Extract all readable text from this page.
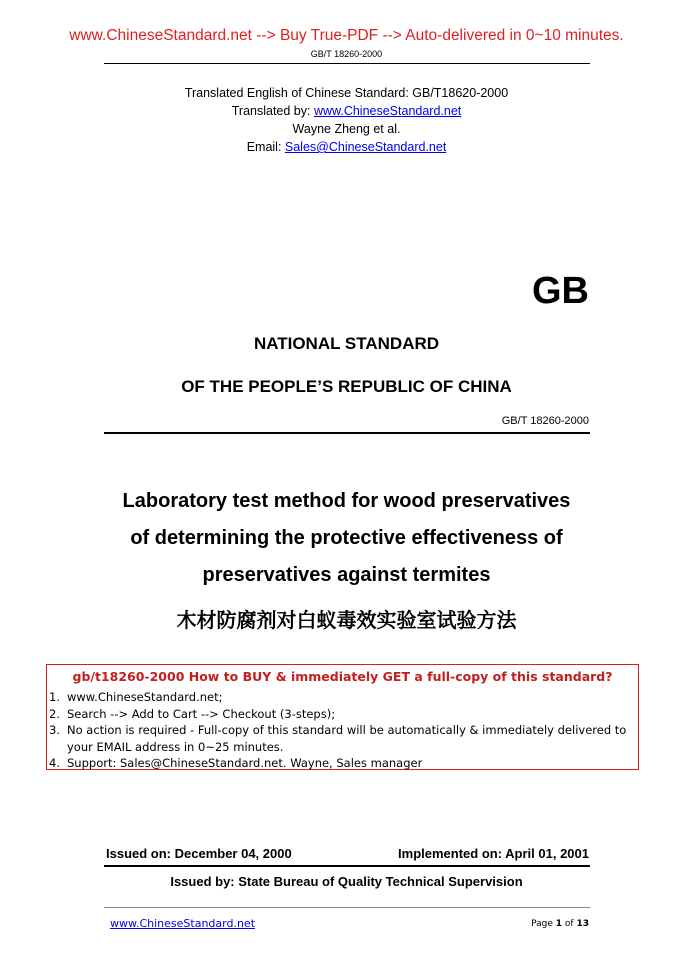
www.ChineseStandard.net --> Buy True-PDF --> Auto-delivered in 0~10 minutes.
GB/T 18260-2000
Translated English of Chinese Standard: GB/T18620-2000
Translated by: www.ChineseStandard.net
Wayne Zheng et al.
Email: Sales@ChineseStandard.net
GB
NATIONAL STANDARD
OF THE PEOPLE’S REPUBLIC OF CHINA
GB/T 18260-2000
Laboratory test method for wood preservatives
of determining the protective effectiveness of
preservatives against termites
木材防腐剂对白蚁毒效实验室试验方法
gb/t18260-2000 How to BUY & immediately GET a full-copy of this standard?
1. www.ChineseStandard.net;
2. Search --> Add to Cart --> Checkout (3-steps);
3. No action is required - Full-copy of this standard will be automatically & immediately delivered to
your EMAIL address in 0~25 minutes.
4. Support: Sales@ChineseStandard.net. Wayne, Sales manager
Issued on: December 04, 2000	Implemented on: April 01, 2001
Issued by: State Bureau of Quality Technical Supervision
www.ChineseStandard.net	Page 1 of 13
